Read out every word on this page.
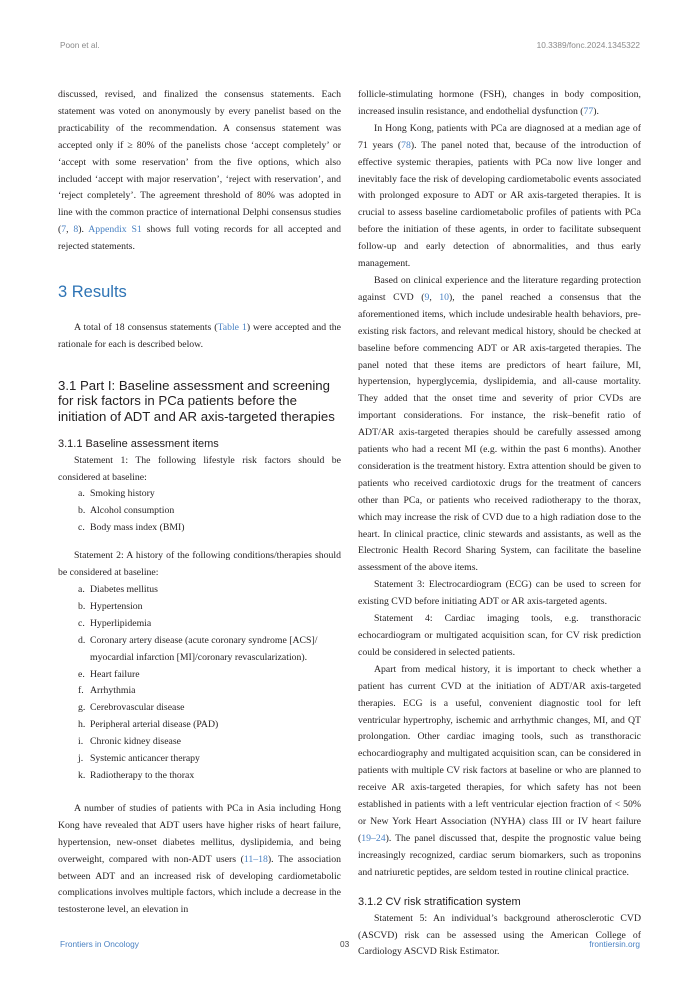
Poon et al.	10.3389/fonc.2024.1345322

discussed, revised, and finalized the consensus statements. Each statement was voted on anonymously by every panelist based on the practicability of the recommendation. A consensus statement was accepted only if ≥ 80% of the panelists chose ‘accept completely’ or ‘accept with some reservation’ from the five options, which also included ‘accept with major reservation’, ‘reject with reservation’, and ‘reject completely’. The agreement threshold of 80% was adopted in line with the common practice of international Delphi consensus studies (7, 8). Appendix S1 shows full voting records for all accepted and rejected statements.

3 Results

A total of 18 consensus statements (Table 1) were accepted and the rationale for each is described below.

3.1 Part I: Baseline assessment and screening for risk factors in PCa patients before the initiation of ADT and AR axis-targeted therapies
3.1.1 Baseline assessment items

Statement 1: The following lifestyle risk factors should be considered at baseline:

a. Smoking history
b. Alcohol consumption
c. Body mass index (BMI)

Statement 2: A history of the following conditions/therapies should be considered at baseline:

a. Diabetes mellitus
b. Hypertension
c. Hyperlipidemia
d. Coronary artery disease (acute coronary syndrome [ACS]/ myocardial infarction [MI]/coronary revascularization).
e. Heart failure
f. Arrhythmia
g. Cerebrovascular disease
h. Peripheral arterial disease (PAD)
i. Chronic kidney disease
j. Systemic anticancer therapy
k. Radiotherapy to the thorax

A number of studies of patients with PCa in Asia including Hong Kong have revealed that ADT users have higher risks of heart failure, hypertension, new-onset diabetes mellitus, dyslipidemia, and being overweight, compared with non-ADT users (11–18). The association between ADT and an increased risk of developing cardiometabolic complications involves multiple factors, which include a decrease in the testosterone level, an elevation in

follicle-stimulating hormone (FSH), changes in body composition, increased insulin resistance, and endothelial dysfunction (77).

In Hong Kong, patients with PCa are diagnosed at a median age of 71 years (78). The panel noted that, because of the introduction of effective systemic therapies, patients with PCa now live longer and inevitably face the risk of developing cardiometabolic events associated with prolonged exposure to ADT or AR axis-targeted therapies. It is crucial to assess baseline cardiometabolic profiles of patients with PCa before the initiation of these agents, in order to facilitate subsequent follow-up and early detection of abnormalities, and thus early management.

Based on clinical experience and the literature regarding protection against CVD (9, 10), the panel reached a consensus that the aforementioned items, which include undesirable health behaviors, pre-existing risk factors, and relevant medical history, should be checked at baseline before commencing ADT or AR axis-targeted therapies. The panel noted that these items are predictors of heart failure, MI, hypertension, hyperglycemia, dyslipidemia, and all-cause mortality. They added that the onset time and severity of prior CVDs are important considerations. For instance, the risk–benefit ratio of ADT/AR axis-targeted therapies should be carefully assessed among patients who had a recent MI (e.g. within the past 6 months). Another consideration is the treatment history. Extra attention should be given to patients who received cardiotoxic drugs for the treatment of cancers other than PCa, or patients who received radiotherapy to the thorax, which may increase the risk of CVD due to a high radiation dose to the heart. In clinical practice, clinic stewards and assistants, as well as the Electronic Health Record Sharing System, can facilitate the baseline assessment of the above items.

Statement 3: Electrocardiogram (ECG) can be used to screen for existing CVD before initiating ADT or AR axis-targeted agents.

Statement 4: Cardiac imaging tools, e.g. transthoracic echocardiogram or multigated acquisition scan, for CV risk prediction could be considered in selected patients.

Apart from medical history, it is important to check whether a patient has current CVD at the initiation of ADT/AR axis-targeted therapies. ECG is a useful, convenient diagnostic tool for left ventricular hypertrophy, ischemic and arrhythmic changes, MI, and QT prolongation. Other cardiac imaging tools, such as transthoracic echocardiography and multigated acquisition scan, can be considered in patients with multiple CV risk factors at baseline or who are planned to receive AR axis-targeted therapies, for which safety has not been established in patients with a left ventricular ejection fraction of < 50% or New York Heart Association (NYHA) class III or IV heart failure (19–24). The panel discussed that, despite the prognostic value being increasingly recognized, cardiac serum biomarkers, such as troponins and natriuretic peptides, are seldom tested in routine clinical practice.

3.1.2 CV risk stratification system

Statement 5: An individual’s background atherosclerotic CVD (ASCVD) risk can be assessed using the American College of Cardiology ASCVD Risk Estimator.

Frontiers in Oncology	03	frontiersin.org
